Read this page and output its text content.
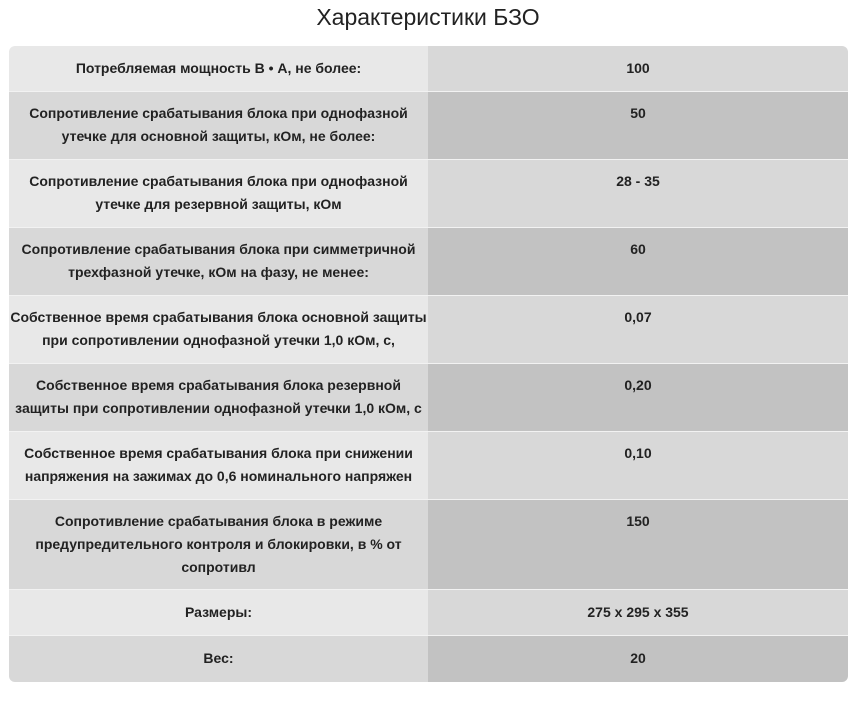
Характеристики БЗО
Потребляемая мощность В • А, не более:	100
Сопротивление срабатывания блока при однофазной утечке для основной защиты, кОм, не более:	50
Сопротивление срабатывания блока при однофазной утечке для резервной защиты, кОм	28 - 35
Сопротивление срабатывания блока при симметричной трехфазной утечке, кОм на фазу, не менее:	60
Собственное время срабатывания блока основной защиты при сопротивлении однофазной утечки 1,0 кОм, с,	0,07
Собственное время срабатывания блока резервной защиты при сопротивлении однофазной утечки 1,0 кОм, с	0,20
Собственное время срабатывания блока при снижении напряжения на зажимах до 0,6 номинального напряжен	0,10
Сопротивление срабатывания блока в режиме предупредительного контроля и блокировки, в % от сопротивл	150
Размеры:	275 x 295 x 355
Вес:	20
